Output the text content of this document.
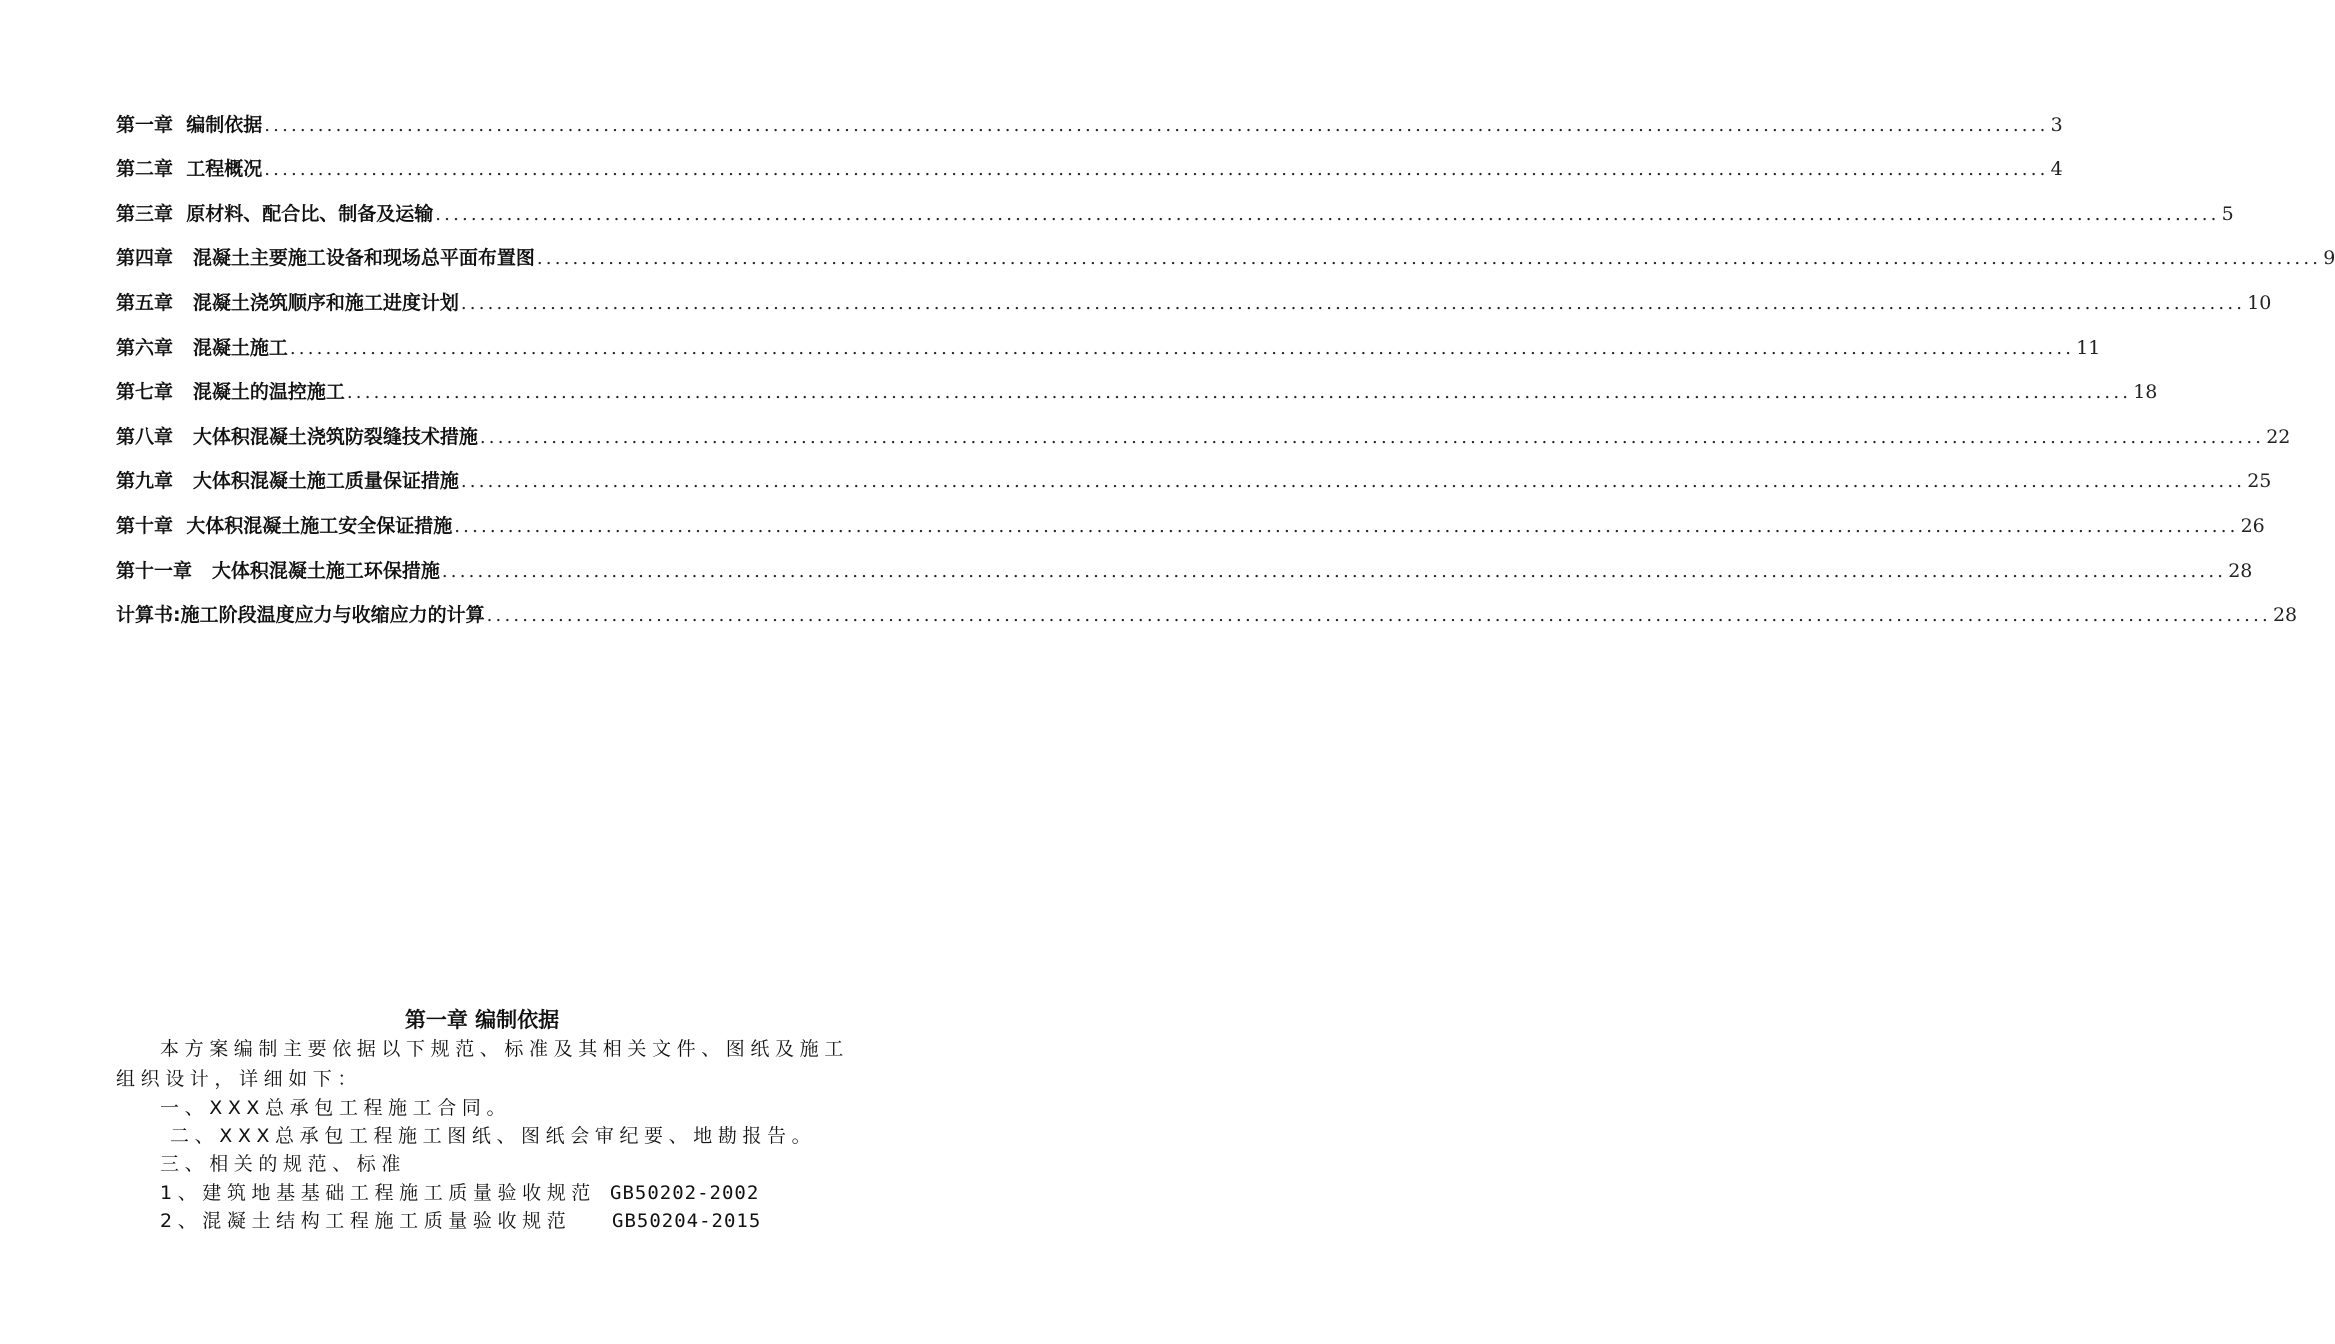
第一章  编制依据 ........................................................................................................................................................................................................ 3
第二章  工程概况 ........................................................................................................................................................................................................ 4
第三章  原材料、配合比、制备及运输 ........................................................................................................................................................................................................ 5
第四章   混凝土主要施工设备和现场总平面布置图 ........................................................................................................................................................................................................ 9
第五章   混凝土浇筑顺序和施工进度计划 ........................................................................................................................................................................................................ 10
第六章   混凝土施工 ........................................................................................................................................................................................................ 11
第七章   混凝土的温控施工 ........................................................................................................................................................................................................ 18
第八章   大体积混凝土浇筑防裂缝技术措施 ........................................................................................................................................................................................................ 22
第九章   大体积混凝土施工质量保证措施 ........................................................................................................................................................................................................ 25
第十章  大体积混凝土施工安全保证措施 ........................................................................................................................................................................................................ 26
第十一章   大体积混凝土施工环保措施 ........................................................................................................................................................................................................ 28
计算书:施工阶段温度应力与收缩应力的计算 ........................................................................................................................................................................................................ 28
第一章 编制依据
本方案编制主要依据以下规范、标准及其相关文件、图纸及施工
组织设计，详细如下：
一、XXX总承包工程施工合同。
二、XXX总承包工程施工图纸、图纸会审纪要、地勘报告。
三、相关的规范、标准
1、建筑地基基础工程施工质量验收规范 GB50202-2002
2、混凝土结构工程施工质量验收规范	GB50204-2015
